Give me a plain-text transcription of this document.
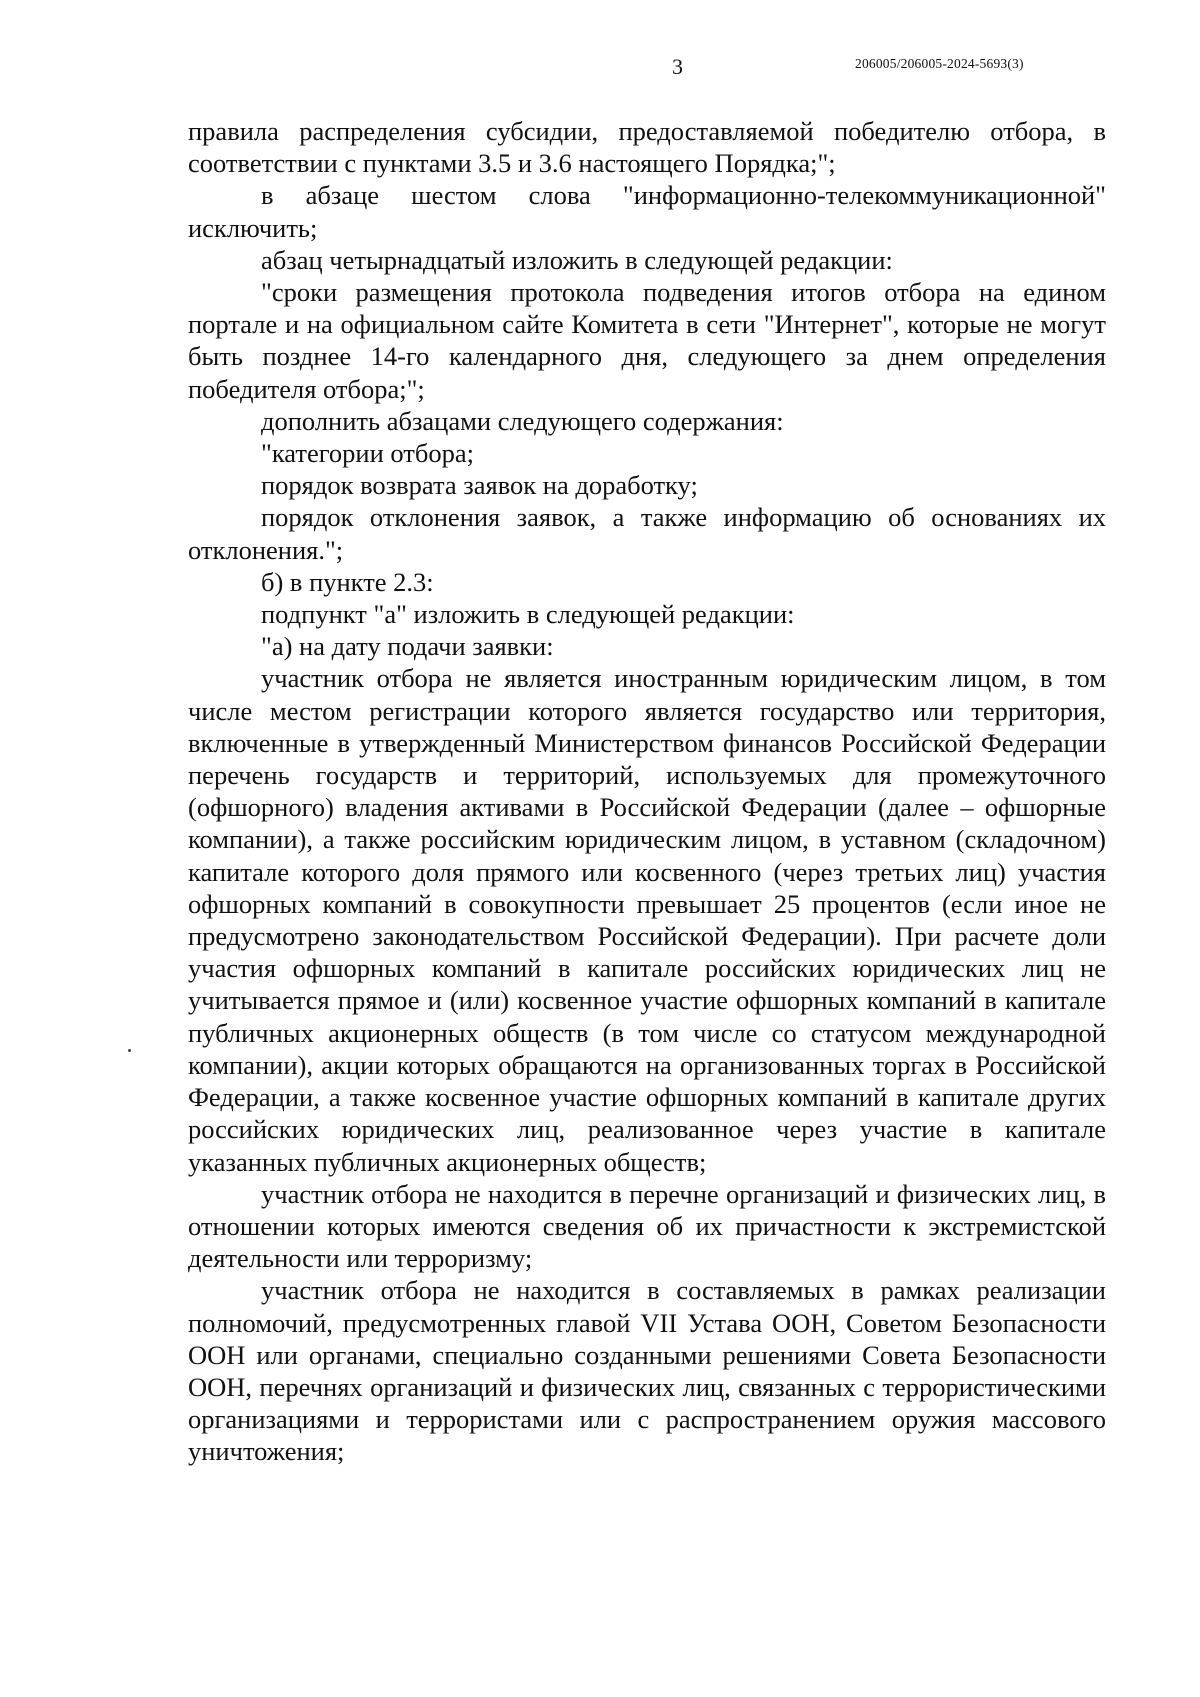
3	206005/206005-2024-5693(3)

правила распределения субсидии, предоставляемой победителю отбора, в соответствии с пунктами 3.5 и 3.6 настоящего Порядка;";

в абзаце шестом слова "информационно-телекоммуникационной" исключить;

абзац четырнадцатый изложить в следующей редакции:

"сроки размещения протокола подведения итогов отбора на едином портале и на официальном сайте Комитета в сети "Интернет", которые не могут быть позднее 14-го календарного дня, следующего за днем определения победителя отбора;";

дополнить абзацами следующего содержания:

"категории отбора;

порядок возврата заявок на доработку;

порядок отклонения заявок, а также информацию об основаниях их отклонения.";

б) в пункте 2.3:

подпункт "а" изложить в следующей редакции:

"а) на дату подачи заявки:

участник отбора не является иностранным юридическим лицом, в том числе местом регистрации которого является государство или территория, включенные в утвержденный Министерством финансов Российской Федерации перечень государств и территорий, используемых для промежуточного (офшорного) владения активами в Российской Федерации (далее – офшорные компании), а также российским юридическим лицом, в уставном (складочном) капитале которого доля прямого или косвенного (через третьих лиц) участия офшорных компаний в совокупности превышает 25 процентов (если иное не предусмотрено законодательством Российской Федерации). При расчете доли участия офшорных компаний в капитале российских юридических лиц не учитывается прямое и (или) косвенное участие офшорных компаний в капитале публичных акционерных обществ (в том числе со статусом международной компании), акции которых обращаются на организованных торгах в Российской Федерации, а также косвенное участие офшорных компаний в капитале других российских юридических лиц, реализованное через участие в капитале указанных публичных акционерных обществ;

участник отбора не находится в перечне организаций и физических лиц, в отношении которых имеются сведения об их причастности к экстремистской деятельности или терроризму;

участник отбора не находится в составляемых в рамках реализации полномочий, предусмотренных главой VII Устава ООН, Советом Безопасности ООН или органами, специально созданными решениями Совета Безопасности ООН, перечнях организаций и физических лиц, связанных с террористическими организациями и террористами или с распространением оружия массового уничтожения;
